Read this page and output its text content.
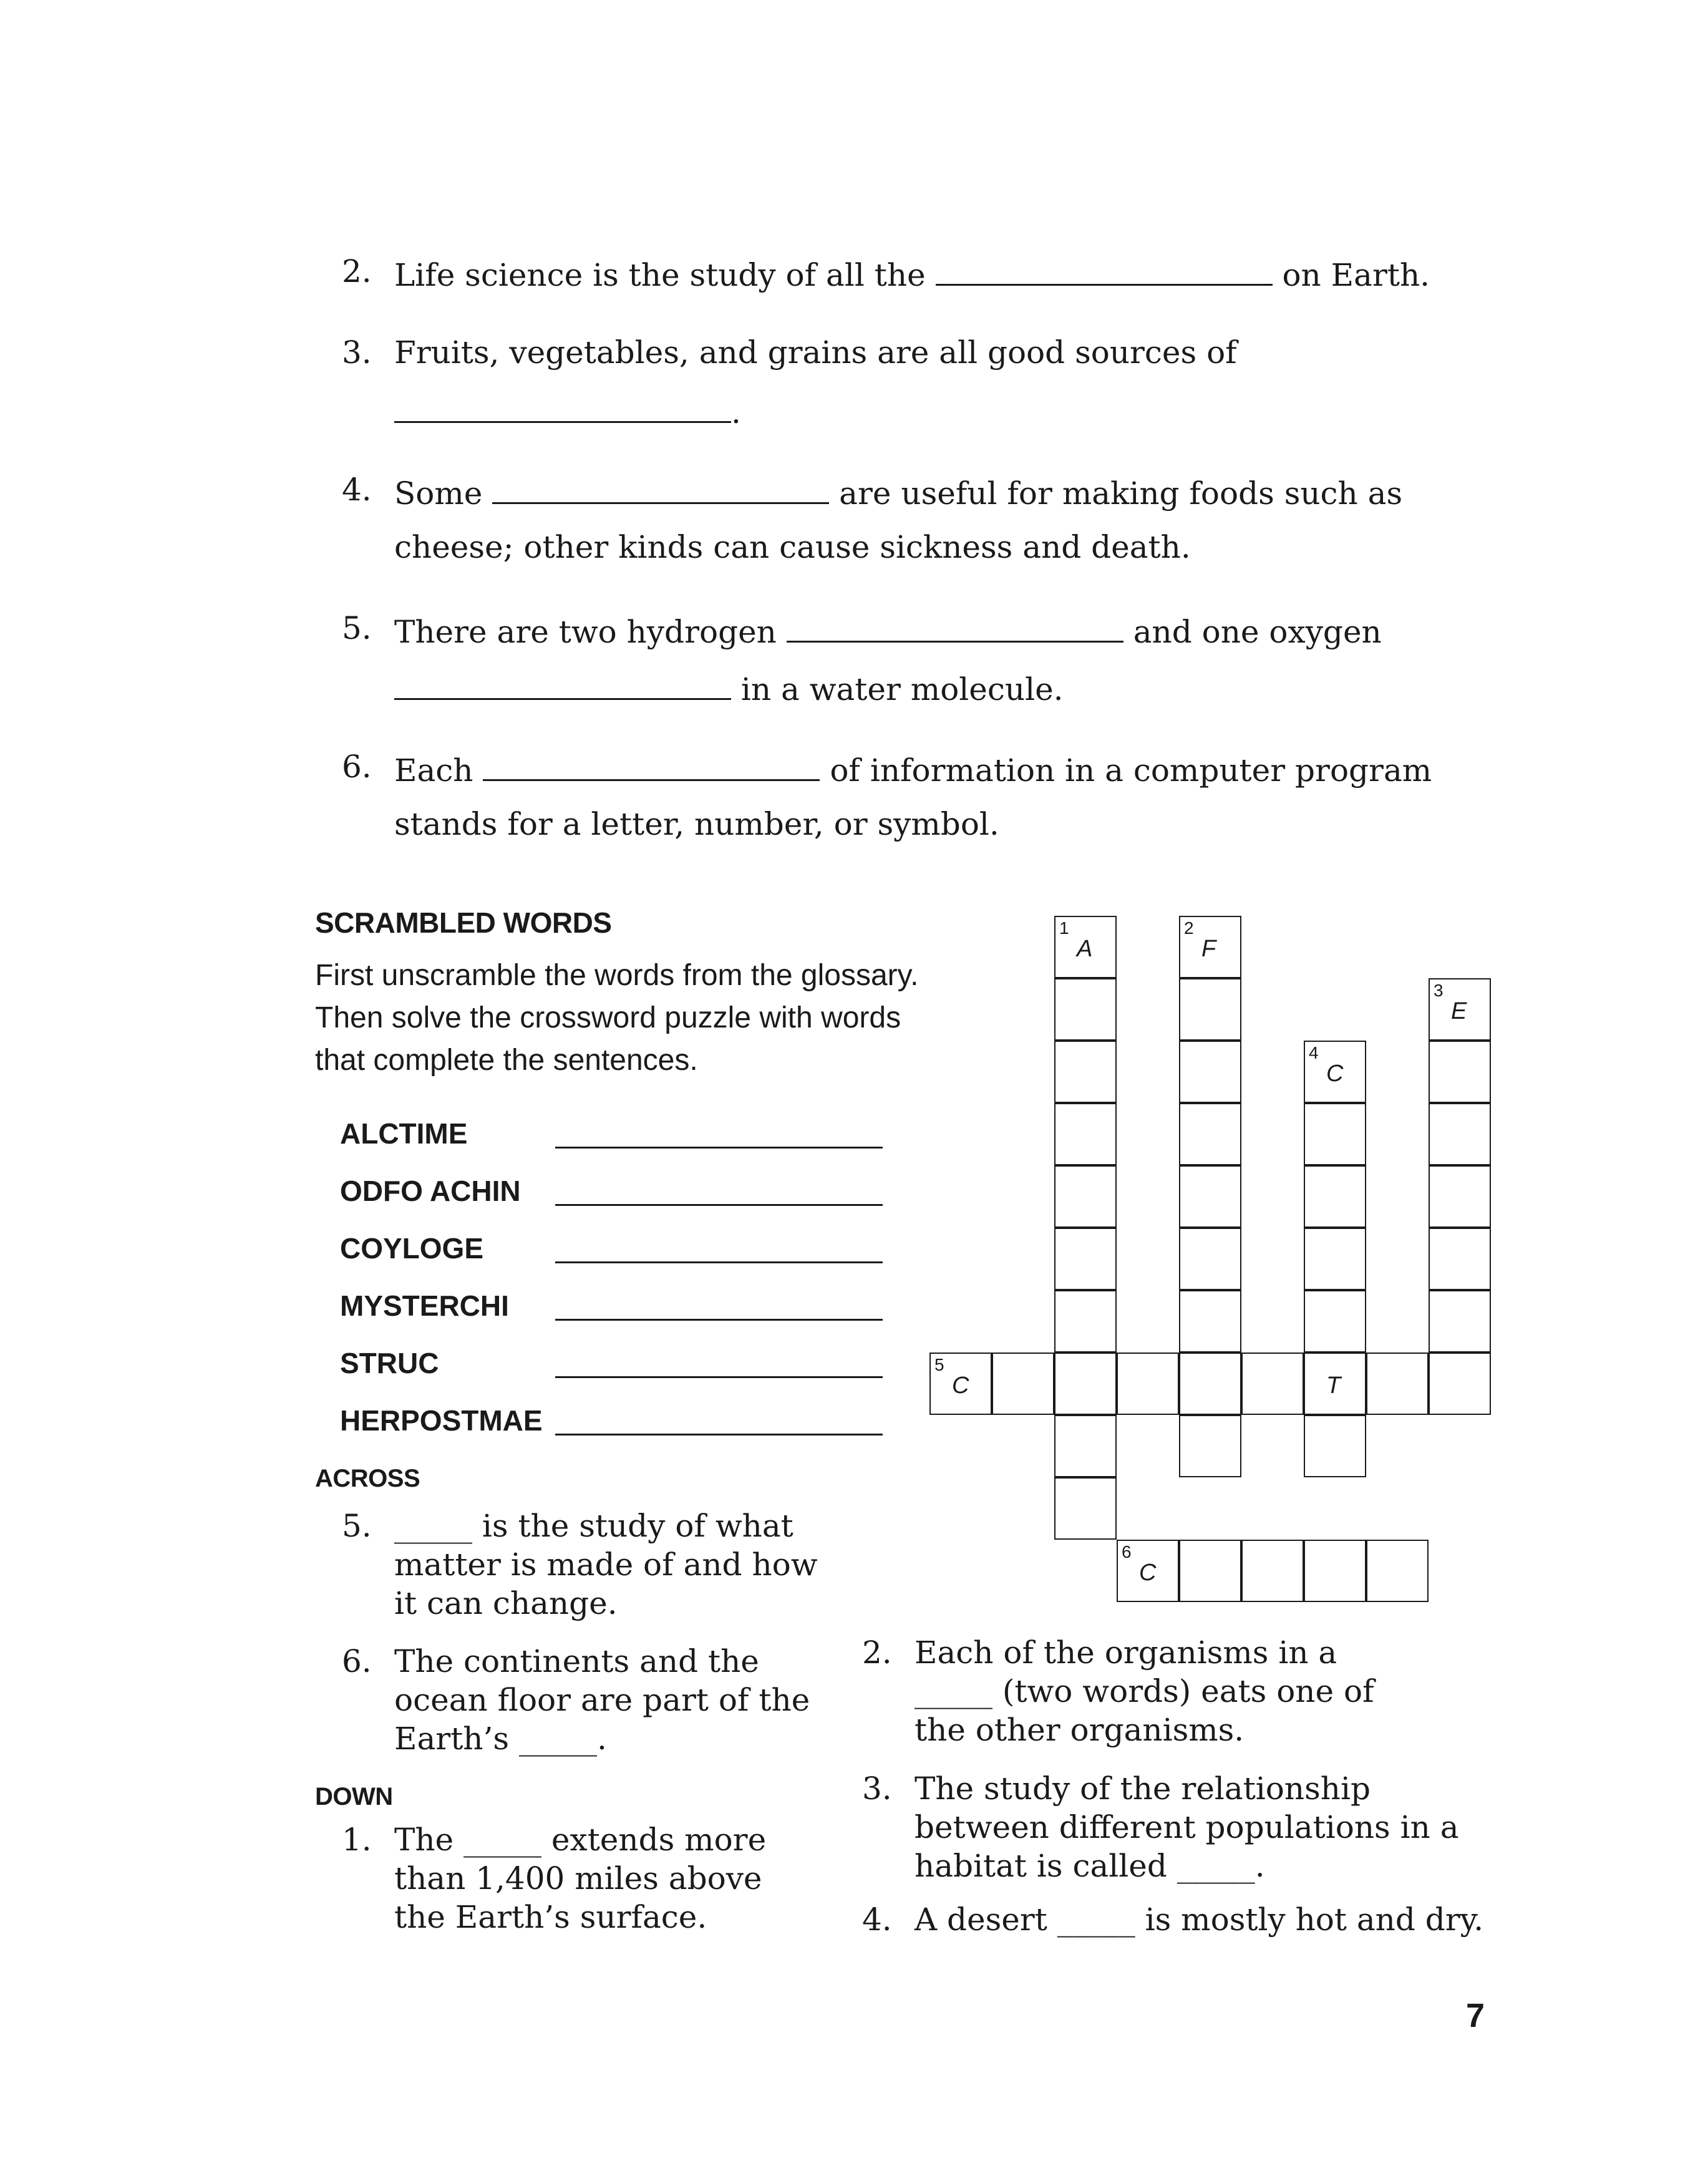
2. Life science is the study of all the	on Earth.
3. Fruits, vegetables, and grains are all good sources of
.
4. Some	are useful for making foods such as
cheese; other kinds can cause sickness and death.
5. There are two hydrogen	and one oxygen
in a water molecule.
6. Each	of information in a computer program
stands for a letter, number, or symbol.
SCRAMBLED WORDS
First unscramble the words from the glossary. Then solve the crossword puzzle with words that complete the sentences.
ALCTIME
ODFO ACHIN
COYLOGE
MYSTERCHI
STRUC
HERPOSTMAE
ACROSS
5. _____ is the study of what
matter is made of and how
it can change.
6. The continents and the
ocean floor are part of the
Earth’s _____.
DOWN
1. The _____ extends more
than 1,400 miles above
the Earth’s surface.
2. Each of the organisms in a
_____ (two words) eats one of
the other organisms.
3. The study of the relationship
between different populations in a
habitat is called _____.
4. A desert _____ is mostly hot and dry.
1
A
2
F
4
C
T
3
E
5
C
6
C
7
